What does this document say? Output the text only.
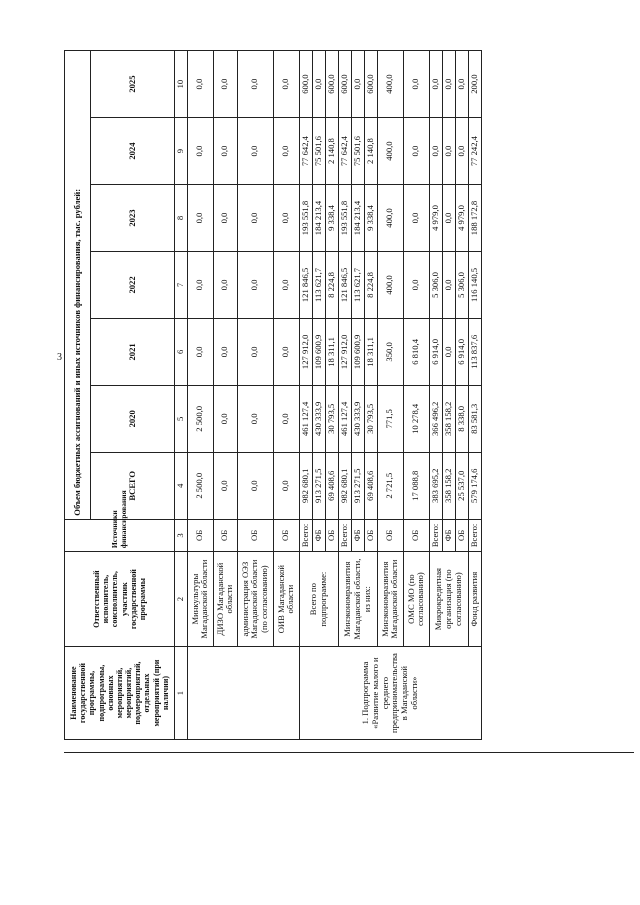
3
Наименование государственной программы, подпрограммы, основных мероприятий, мероприятий, подмероприятий, отдельных мероприятий (при наличии)	Ответственный исполнитель, соисполнитель, участник государственной программы	Источники финансирования	Объем бюджетных ассигнований и иных источников финансирования, тыс. рублей:						
			ВСЕГО	2020	2021	2022	2023	2024	2025
1	2	3	4	5	6	7	8	9	10
	Минкультуры Магаданской области	ОБ	2 500,0	2 500,0	0,0	0,0	0,0	0,0	0,0
	ДИЗО Магаданской области	ОБ	0,0	0,0	0,0	0,0	0,0	0,0	0,0
	администрация ОЭЗ Магаданской области (по согласованию)	ОБ	0,0	0,0	0,0	0,0	0,0	0,0	0,0
	ОИВ Магаданской области	ОБ	0,0	0,0	0,0	0,0	0,0	0,0	0,0
1. Подпрограмма «Развитие малого и среднего предпринимательства в Магаданской области»	Всего по подпрограмме:	Всего:	982 680,1	461 127,4	127 912,0	121 846,5	193 551,8	77 642,4	600,0
		ФБ	913 271,5	430 333,9	109 600,9	113 621,7	184 213,4	75 501,6	0,0
		ОБ	69 408,6	30 793,5	18 311,1	8 224,8	9 338,4	2 140,8	600,0
	Минэкономразвития Магаданской области, из них:	Всего:	982 680,1	461 127,4	127 912,0	121 846,5	193 551,8	77 642,4	600,0
		ФБ	913 271,5	430 333,9	109 600,9	113 621,7	184 213,4	75 501,6	0,0
		ОБ	69 408,6	30 793,5	18 311,1	8 224,8	9 338,4	2 140,8	600,0
	Минэкономразвития Магаданской области	ОБ	2 721,5	771,5	350,0	400,0	400,0	400,0	400,0
	ОМС МО (по согласованию)	ОБ	17 088,8	10 278,4	6 810,4	0,0	0,0	0,0	0,0
	Микрокредитная организация (по согласованию)	Всего:	383 695,2	366 496,2	6 914,0	5 306,0	4 979,0	0,0	0,0
		ФБ	358 158,2	358 158,2	0,0	0,0	0,0	0,0	0,0
		ОБ	25 537,0	8 338,0	6 914,0	5 306,0	4 979,0	0,0	0,0
	Фонд развития	Всего:	579 174,6	83 581,3	113 837,6	116 140,5	188 172,8	77 242,4	200,0
